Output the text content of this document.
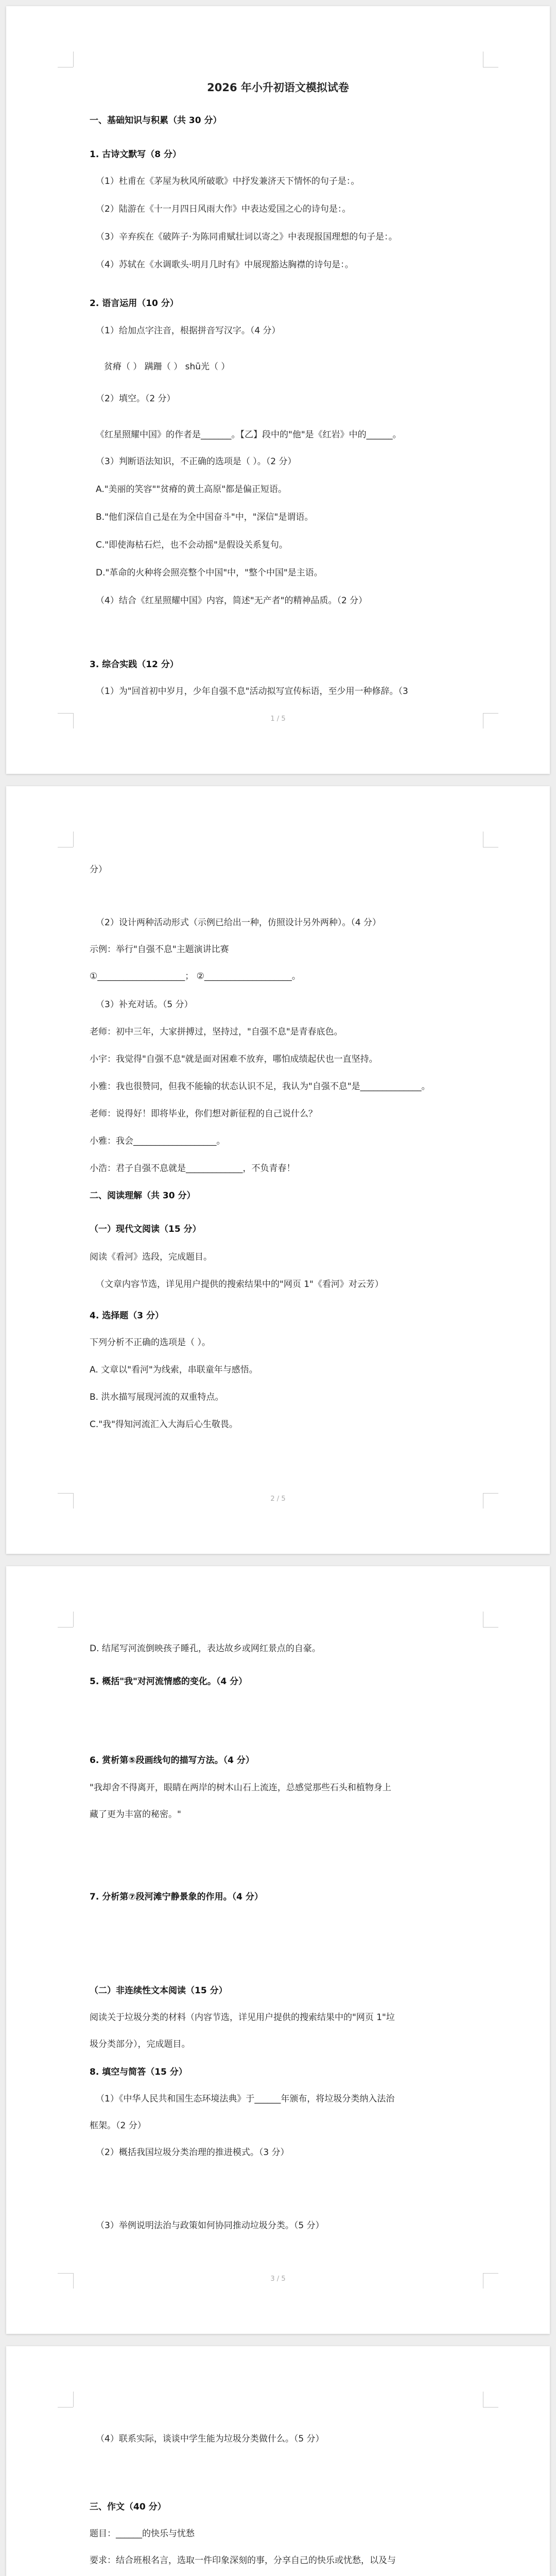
2026 年小升初语文模拟试卷
一、基础知识与积累（共 30 分）
1. 古诗文默写（8 分）
（1）杜甫在《茅屋为秋风所破歌》中抒发兼济天下情怀的句子是：。
（2）陆游在《十一月四日风雨大作》中表达爱国之心的诗句是：。
（3）辛弃疾在《破阵子·为陈同甫赋壮词以寄之》中表现报国理想的句子是：。
（4）苏轼在《水调歌头·明月几时有》中展现豁达胸襟的诗句是：。
2. 语言运用（10 分）
（1）给加点字注音，根据拼音写汉字。（4 分）
贫瘠（ ） 蹒跚（ ） shū光（ ）
（2）填空。（2 分）
《红星照耀中国》的作者是_______。【乙】段中的"他"是《红岩》中的______。
（3）判断语法知识，不正确的选项是（ ）。（2 分）
A."美丽的笑容""贫瘠的黄土高原"都是偏正短语。
B."他们深信自己是在为全中国奋斗"中，"深信"是谓语。
C."即使海枯石烂，也不会动摇"是假设关系复句。
D."革命的火种将会照亮整个中国"中，"整个中国"是主语。
（4）结合《红星照耀中国》内容，简述"无产者"的精神品质。（2 分）
3. 综合实践（12 分）
（1）为"回首初中岁月，少年自强不息"活动拟写宣传标语，至少用一种修辞。（3
1 / 5
分）
（2）设计两种活动形式（示例已给出一种，仿照设计另外两种）。（4 分）
示例：举行"自强不息"主题演讲比赛
①____________________； ②____________________。
（3）补充对话。（5 分）
老师：初中三年，大家拼搏过，坚持过，"自强不息"是青春底色。
小宇：我觉得"自强不息"就是面对困难不放弃，哪怕成绩起伏也一直坚持。
小雅：我也很赞同，但我不能输的状态认识不足，我认为"自强不息"是______________。
老师：说得好！即将毕业，你们想对新征程的自己说什么？
小雅：我会___________________。
小浩：君子自强不息就是_____________，不负青春！
二、阅读理解（共 30 分）
（一）现代文阅读（15 分）
阅读《看河》选段，完成题目。
（文章内容节选，详见用户提供的搜索结果中的"网页 1"《看河》对云芳）
4. 选择题（3 分）
下列分析不正确的选项是（ ）。
A. 文章以"看河"为线索，串联童年与感悟。
B. 洪水描写展现河流的双重特点。
C."我"得知河流汇入大海后心生敬畏。
2 / 5
D. 结尾写河流倒映孩子睡孔，表达故乡或网红景点的自豪。
5. 概括"我"对河流情感的变化。（4 分）
6. 赏析第⑤段画线句的描写方法。（4 分）
"我却舍不得离开，眼睛在两岸的树木山石上流连，总感觉那些石头和植物身上
藏了更为丰富的秘密。"
7. 分析第⑦段河滩宁静景象的作用。（4 分）
（二）非连续性文本阅读（15 分）
阅读关于垃圾分类的材料（内容节选，详见用户提供的搜索结果中的"网页 1"垃
圾分类部分），完成题目。
8. 填空与简答（15 分）
（1）《中华人民共和国生态环境法典》于______年颁布，将垃圾分类纳入法治
框架。（2 分）
（2）概括我国垃圾分类治理的推进模式。（3 分）
（3）举例说明法治与政策如何协同推动垃圾分类。（5 分）
3 / 5
（4）联系实际，谈谈中学生能为垃圾分类做什么。（5 分）
三、作文（40 分）
题目：______的快乐与忧愁
要求：结合班根名言，选取一件印象深刻的事，分享自己的快乐或忧愁，以及与
